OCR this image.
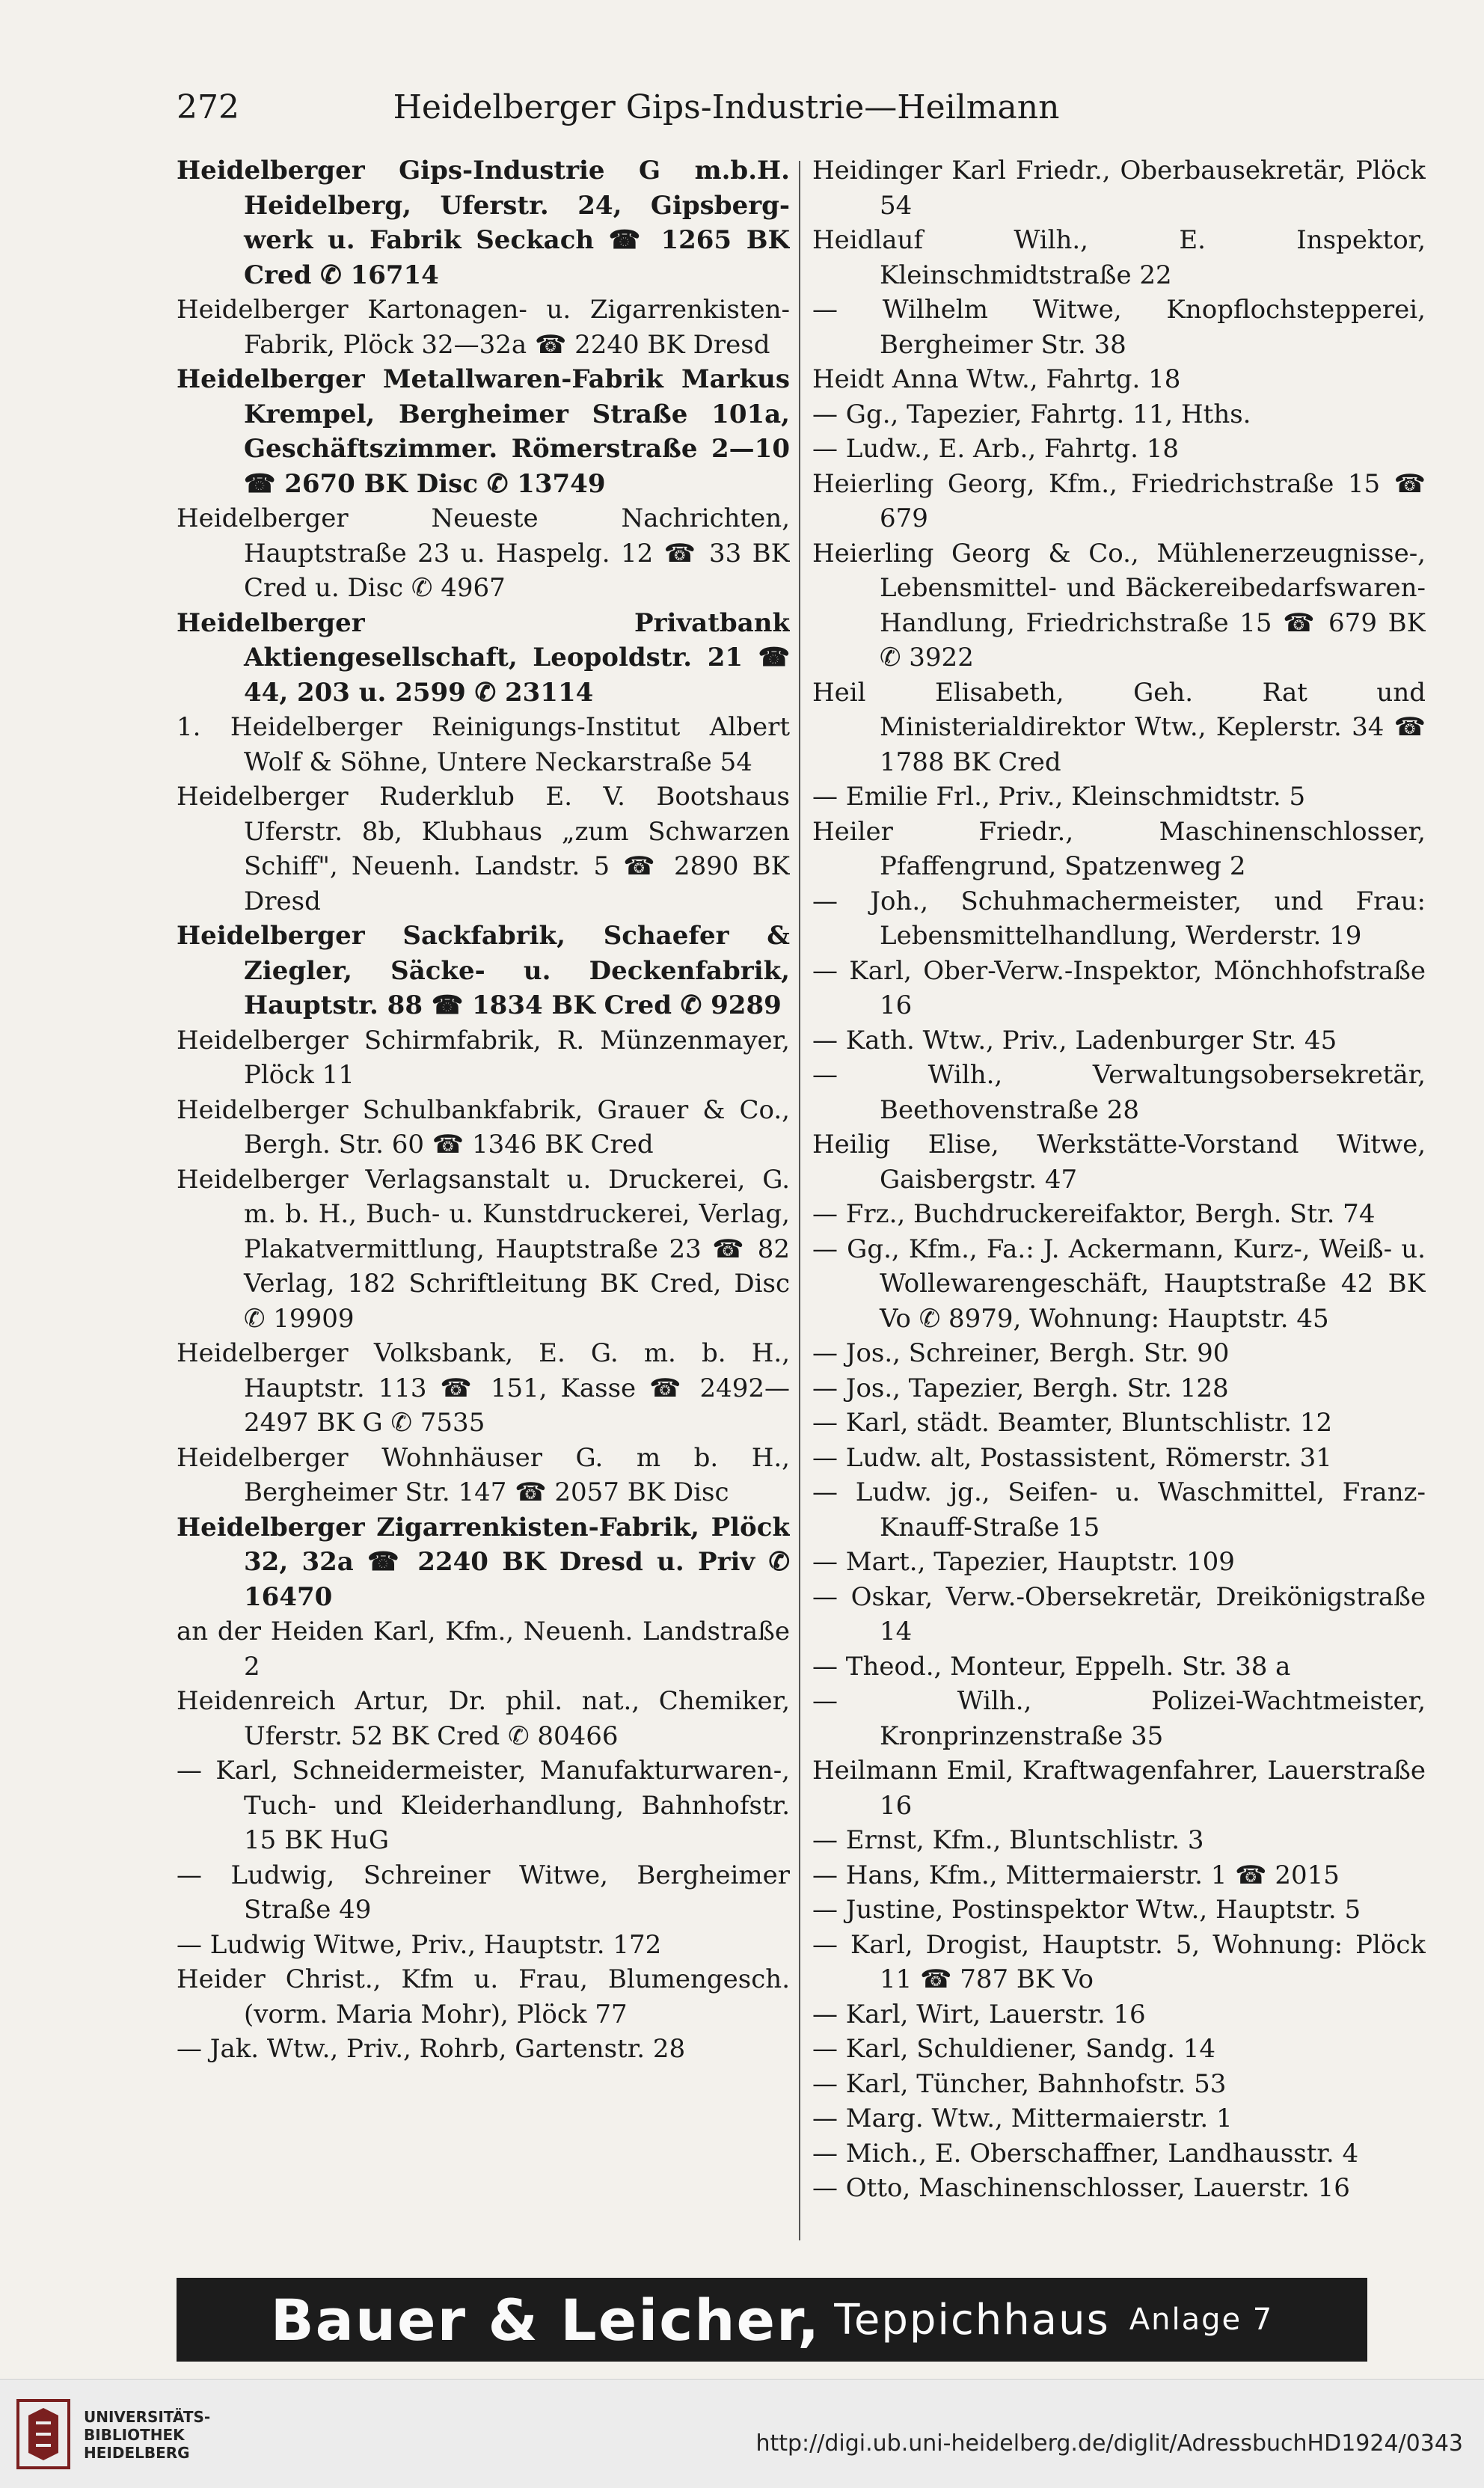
Heidelberger Gips-Industrie—Heilmann
272

Heidelberger Gips-Industrie G m.b.H. Heidelberg, Uferstr. 24, Gipsberg-werk u. Fabrik Seckach ☎ 1265 BK Cred ✆ 16714

Heidelberger Kartonagen- u. Zigarrenkisten-Fabrik, Plöck 32—32a ☎ 2240 BK Dresd

Heidelberger Metallwaren-Fabrik Markus Krempel, Bergheimer Straße 101a, Geschäftszimmer. Römerstraße 2—10 ☎ 2670 BK Disc ✆ 13749

Heidelberger Neueste Nachrichten, Hauptstraße 23 u. Haspelg. 12 ☎ 33 BK Cred u. Disc ✆ 4967

Heidelberger Privatbank Aktiengesellschaft, Leopoldstr. 21 ☎ 44, 203 u. 2599 ✆ 23114

1. Heidelberger Reinigungs-Institut Albert Wolf & Söhne, Untere Neckarstraße 54

Heidelberger Ruderklub E. V. Bootshaus Uferstr. 8b, Klubhaus „zum Schwarzen Schiff", Neuenh. Landstr. 5 ☎ 2890 BK Dresd

Heidelberger Sackfabrik, Schaefer & Ziegler, Säcke- u. Deckenfabrik, Hauptstr. 88 ☎ 1834 BK Cred ✆ 9289

Heidelberger Schirmfabrik, R. Münzenmayer, Plöck 11

Heidelberger Schulbankfabrik, Grauer & Co., Bergh. Str. 60 ☎ 1346 BK Cred

Heidelberger Verlagsanstalt u. Druckerei, G. m. b. H., Buch- u. Kunstdruckerei, Verlag, Plakatvermittlung, Hauptstraße 23 ☎ 82 Verlag, 182 Schriftleitung BK Cred, Disc ✆ 19909

Heidelberger Volksbank, E. G. m. b. H., Hauptstr. 113 ☎ 151, Kasse ☎ 2492—2497 BK G ✆ 7535

Heidelberger Wohnhäuser G. m b. H., Bergheimer Str. 147 ☎ 2057 BK Disc

Heidelberger Zigarrenkisten-Fabrik, Plöck 32, 32a ☎ 2240 BK Dresd u. Priv ✆ 16470

an der Heiden Karl, Kfm., Neuenh. Landstraße 2

Heidenreich Artur, Dr. phil. nat., Chemiker, Uferstr. 52 BK Cred ✆ 80466

— Karl, Schneidermeister, Manufakturwaren-, Tuch- und Kleiderhandlung, Bahnhofstr. 15 BK HuG

— Ludwig, Schreiner Witwe, Bergheimer Straße 49

— Ludwig Witwe, Priv., Hauptstr. 172

Heider Christ., Kfm u. Frau, Blumengesch. (vorm. Maria Mohr), Plöck 77

— Jak. Wtw., Priv., Rohrb, Gartenstr. 28

Heidinger Karl Friedr., Oberbausekretär, Plöck 54

Heidlauf Wilh., E. Inspektor, Kleinschmidtstraße 22

— Wilhelm Witwe, Knopflochstepperei, Bergheimer Str. 38

Heidt Anna Wtw., Fahrtg. 18

— Gg., Tapezier, Fahrtg. 11, Hths.

— Ludw., E. Arb., Fahrtg. 18

Heierling Georg, Kfm., Friedrichstraße 15 ☎ 679

Heierling Georg & Co., Mühlenerzeugnisse-, Lebensmittel- und Bäckereibedarfswaren-Handlung, Friedrichstraße 15 ☎ 679 BK ✆ 3922

Heil Elisabeth, Geh. Rat und Ministerialdirektor Wtw., Keplerstr. 34 ☎ 1788 BK Cred

— Emilie Frl., Priv., Kleinschmidtstr. 5

Heiler Friedr., Maschinenschlosser, Pfaffengrund, Spatzenweg 2

— Joh., Schuhmachermeister, und Frau: Lebensmittelhandlung, Werderstr. 19

— Karl, Ober-Verw.-Inspektor, Mönchhofstraße 16

— Kath. Wtw., Priv., Ladenburger Str. 45

— Wilh., Verwaltungsobersekretär, Beethovenstraße 28

Heilig Elise, Werkstätte-Vorstand Witwe, Gaisbergstr. 47

— Frz., Buchdruckereifaktor, Bergh. Str. 74

— Gg., Kfm., Fa.: J. Ackermann, Kurz-, Weiß- u. Wollewarengeschäft, Hauptstraße 42 BK Vo ✆ 8979, Wohnung: Hauptstr. 45

— Jos., Schreiner, Bergh. Str. 90

— Jos., Tapezier, Bergh. Str. 128

— Karl, städt. Beamter, Bluntschlistr. 12

— Ludw. alt, Postassistent, Römerstr. 31

— Ludw. jg., Seifen- u. Waschmittel, Franz-Knauff-Straße 15

— Mart., Tapezier, Hauptstr. 109

— Oskar, Verw.-Obersekretär, Dreikönigstraße 14

— Theod., Monteur, Eppelh. Str. 38 a

— Wilh., Polizei-Wachtmeister, Kronprinzenstraße 35

Heilmann Emil, Kraftwagenfahrer, Lauerstraße 16

— Ernst, Kfm., Bluntschlistr. 3

— Hans, Kfm., Mittermaierstr. 1 ☎ 2015

— Justine, Postinspektor Wtw., Hauptstr. 5

— Karl, Drogist, Hauptstr. 5, Wohnung: Plöck 11 ☎ 787 BK Vo

— Karl, Wirt, Lauerstr. 16

— Karl, Schuldiener, Sandg. 14

— Karl, Tüncher, Bahnhofstr. 53

— Marg. Wtw., Mittermaierstr. 1

— Mich., E. Oberschaffner, Landhausstr. 4

— Otto, Maschinenschlosser, Lauerstr. 16

Bauer & Leicher, Teppichhaus Anlage 7
UNIVERSITÄTS-
BIBLIOTHEK
HEIDELBERG	http://digi.ub.uni-heidelberg.de/diglit/AdressbuchHD1924/0343
